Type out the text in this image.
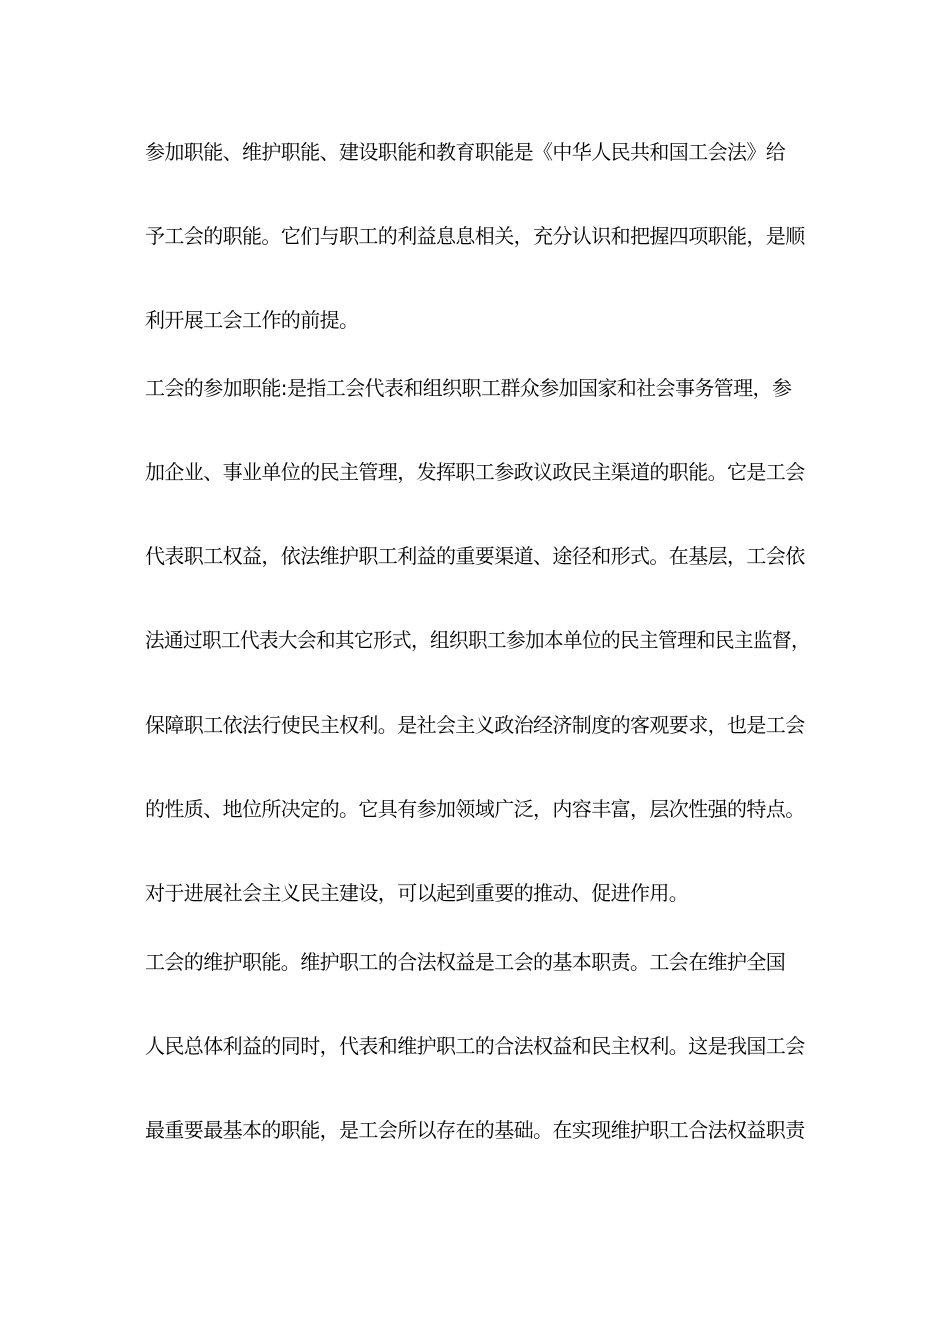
参加职能、维护职能、建设职能和教育职能是《中华人民共和国工会法》给
予工会的职能。它们与职工的利益息息相关，充分认识和把握四项职能，是顺
利开展工会工作的前提。
工会的参加职能:是指工会代表和组织职工群众参加国家和社会事务管理，参
加企业、事业单位的民主管理，发挥职工参政议政民主渠道的职能。它是工会
代表职工权益，依法维护职工利益的重要渠道、途径和形式。在基层，工会依
法通过职工代表大会和其它形式，组织职工参加本单位的民主管理和民主监督，
保障职工依法行使民主权利。是社会主义政治经济制度的客观要求，也是工会
的性质、地位所决定的。它具有参加领域广泛，内容丰富，层次性强的特点。
对于进展社会主义民主建设，可以起到重要的推动、促进作用。
工会的维护职能。维护职工的合法权益是工会的基本职责。工会在维护全国
人民总体利益的同时，代表和维护职工的合法权益和民主权利。这是我国工会
最重要最基本的职能，是工会所以存在的基础。在实现维护职工合法权益职责
